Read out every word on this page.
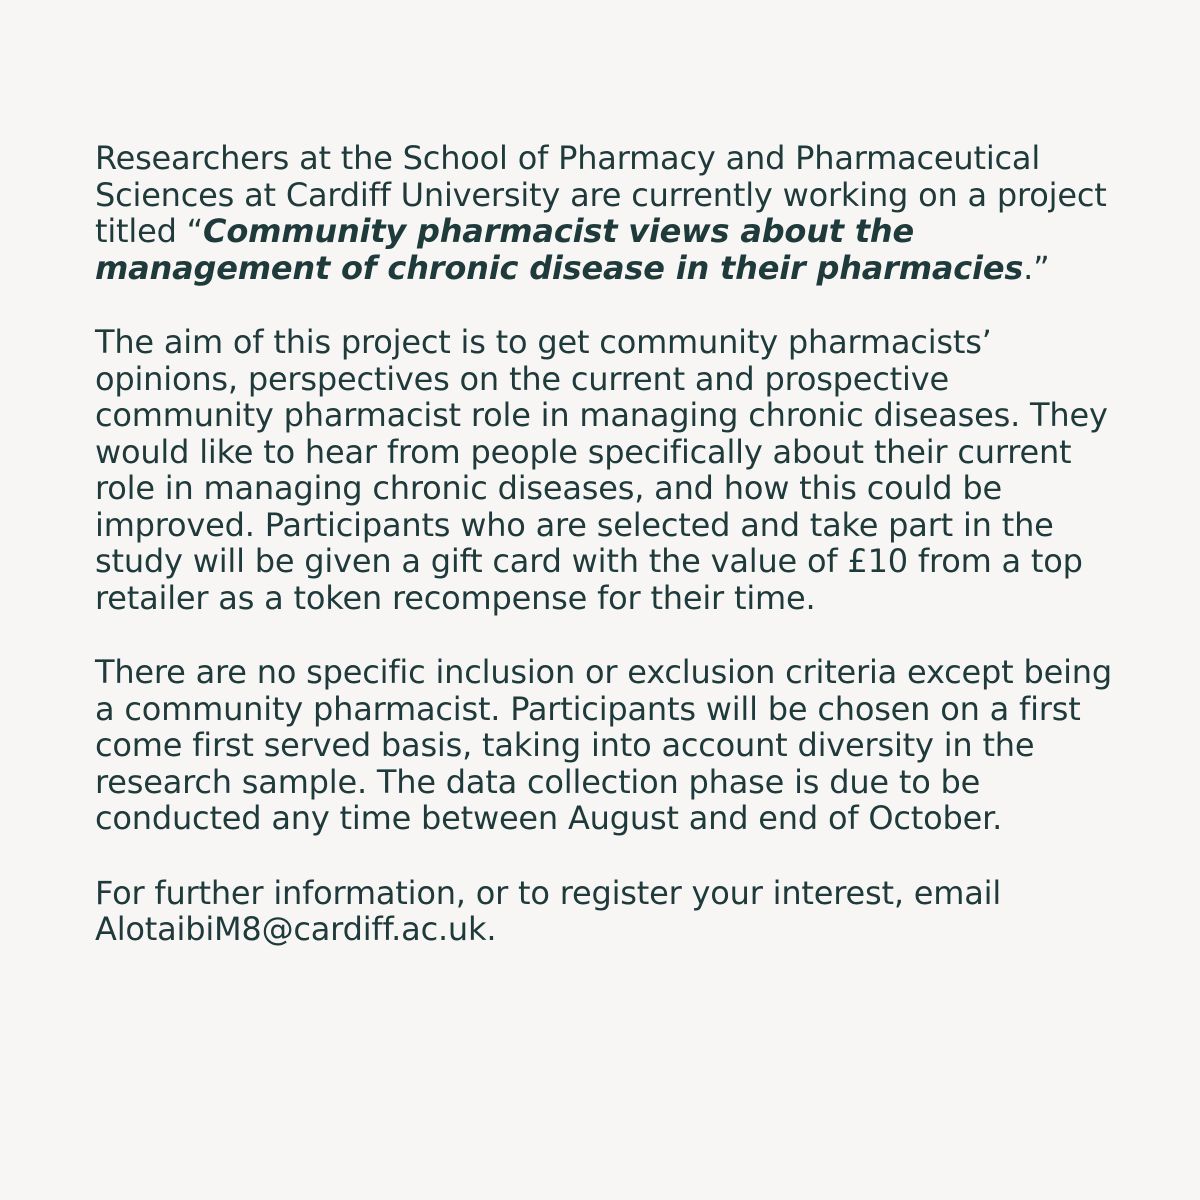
Researchers at the School of Pharmacy and Pharmaceutical Sciences at Cardiff University are currently working on a project titled “Community pharmacist views about the management of chronic disease in their pharmacies.”

The aim of this project is to get community pharmacists’ opinions, perspectives on the current and prospective community pharmacist role in managing chronic diseases. They would like to hear from people specifically about their current role in managing chronic diseases, and how this could be improved. Participants who are selected and take part in the study will be given a gift card with the value of £10 from a top retailer as a token recompense for their time.

There are no specific inclusion or exclusion criteria except being a community pharmacist. Participants will be chosen on a first come first served basis, taking into account diversity in the research sample. The data collection phase is due to be conducted any time between August and end of October.

For further information, or to register your interest, email AlotaibiM8@cardiff.ac.uk.
